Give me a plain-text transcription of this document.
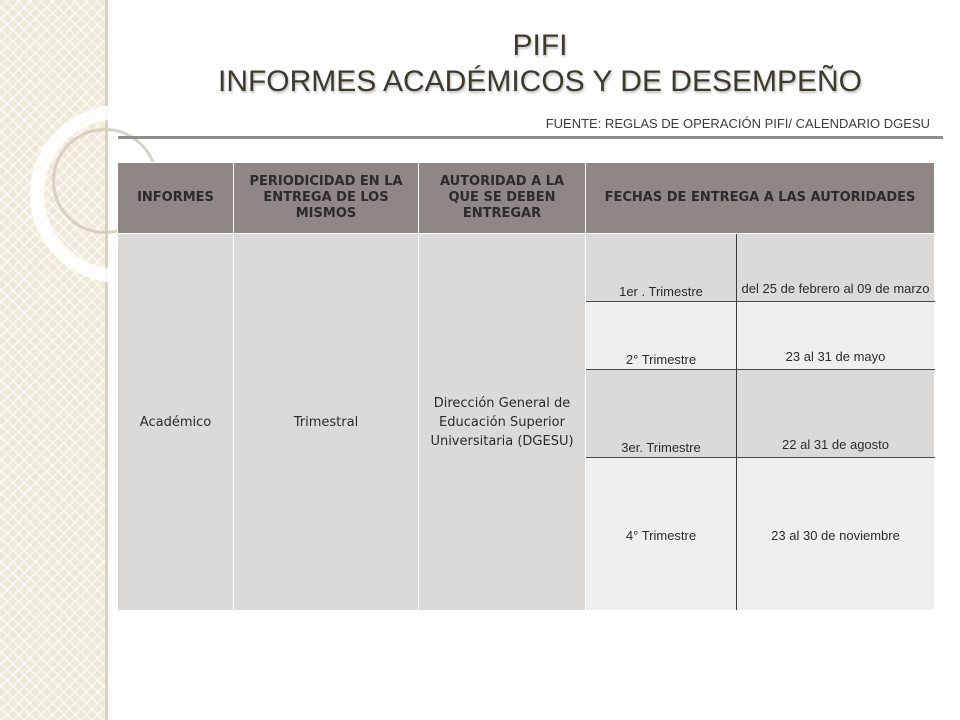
PIFI
INFORMES ACADÉMICOS Y DE DESEMPEÑO
FUENTE: REGLAS DE OPERACIÓN PIFI/ CALENDARIO DGESU
INFORMES	PERIODICIDAD EN LA ENTREGA DE LOS MISMOS	AUTORIDAD A LA QUE SE DEBEN ENTREGAR	FECHAS DE ENTREGA A LAS AUTORIDADES	
Académico	Trimestral	Dirección General de Educación Superior Universitaria (DGESU)	1er . Trimestre	del 25 de febrero al 09 de marzo
			2° Trimestre	23 al 31 de mayo
			3er. Trimestre	22 al 31 de agosto
			4° Trimestre	23 al 30 de noviembre
